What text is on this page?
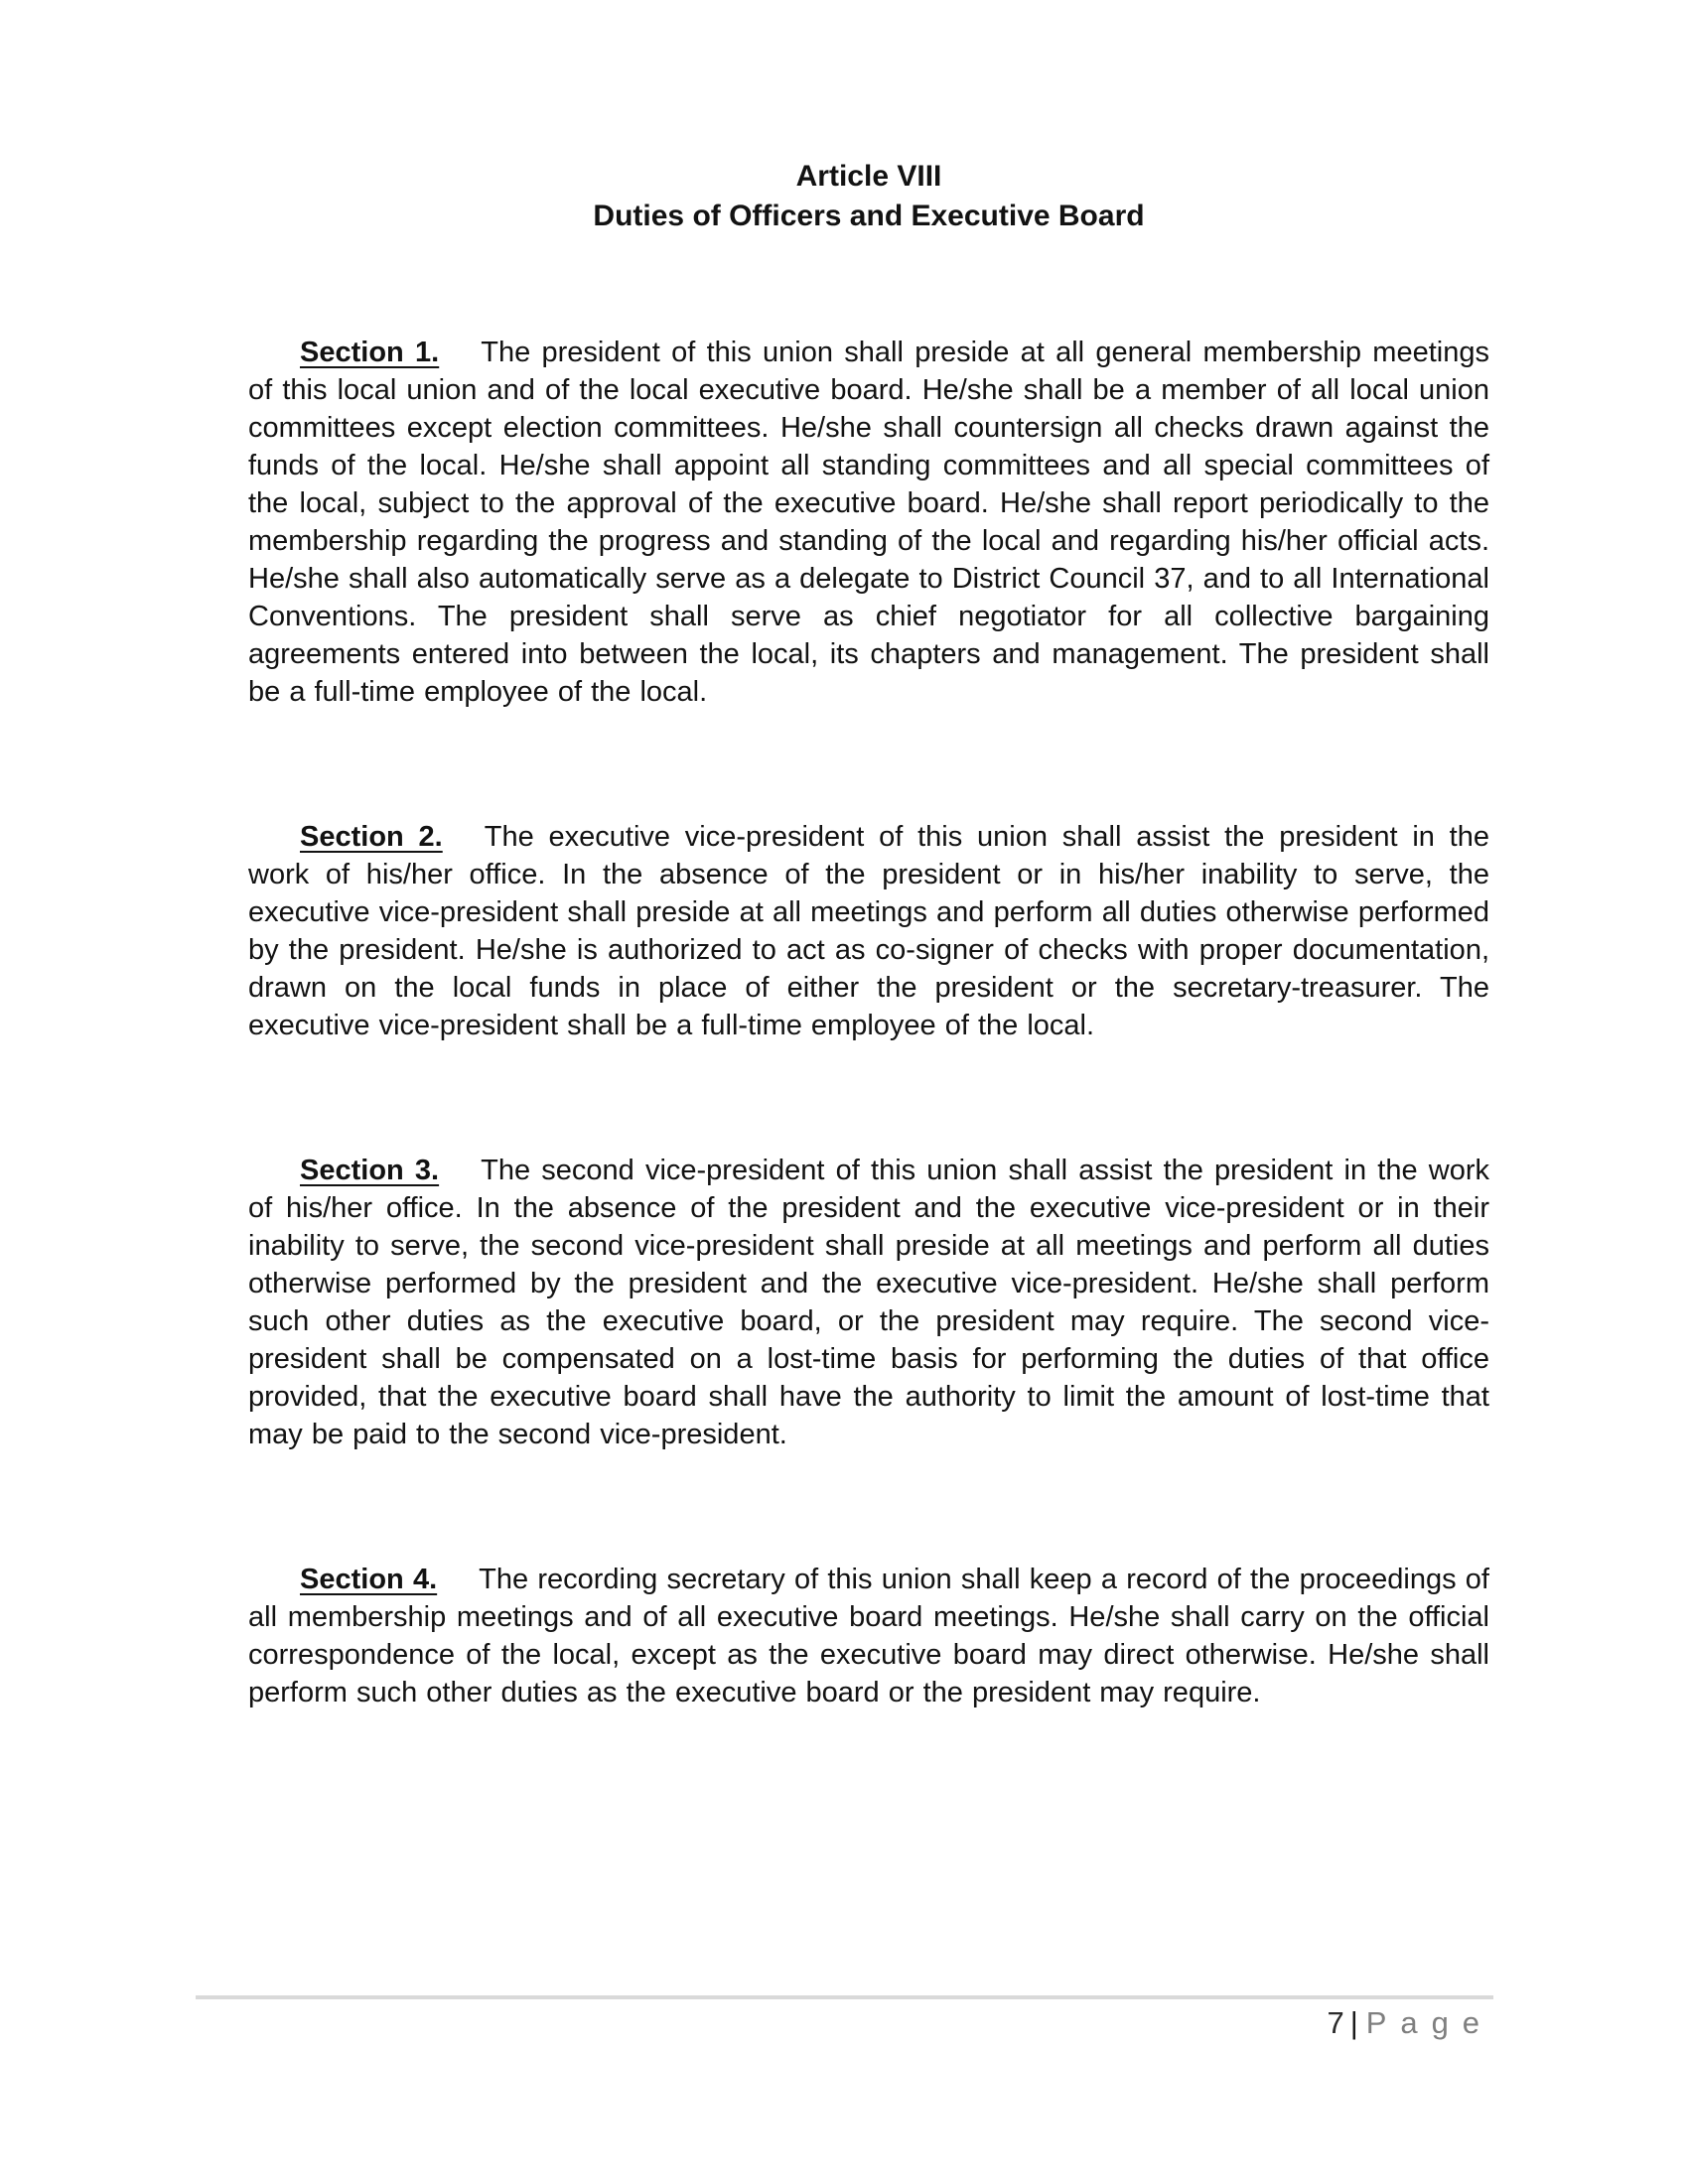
Article VIII
Duties of Officers and Executive Board

Section 1. The president of this union shall preside at all general membership meetings of this local union and of the local executive board. He/she shall be a member of all local union committees except election committees. He/she shall countersign all checks drawn against the funds of the local. He/she shall appoint all standing committees and all special committees of the local, subject to the approval of the executive board. He/she shall report periodically to the membership regarding the progress and standing of the local and regarding his/her official acts. He/she shall also automatically serve as a delegate to District Council 37, and to all International Conventions. The president shall serve as chief negotiator for all collective bargaining agreements entered into between the local, its chapters and management. The president shall be a full-time employee of the local.

Section 2. The executive vice-president of this union shall assist the president in the work of his/her office. In the absence of the president or in his/her inability to serve, the executive vice-president shall preside at all meetings and perform all duties otherwise performed by the president. He/she is authorized to act as co-signer of checks with proper documentation, drawn on the local funds in place of either the president or the secretary-treasurer. The executive vice-president shall be a full-time employee of the local.

Section 3. The second vice-president of this union shall assist the president in the work of his/her office. In the absence of the president and the executive vice-president or in their inability to serve, the second vice-president shall preside at all meetings and perform all duties otherwise performed by the president and the executive vice-president. He/she shall perform such other duties as the executive board, or the president may require. The second vice-president shall be compensated on a lost-time basis for performing the duties of that office provided, that the executive board shall have the authority to limit the amount of lost-time that may be paid to the second vice-president.

Section 4. The recording secretary of this union shall keep a record of the proceedings of all membership meetings and of all executive board meetings. He/she shall carry on the official correspondence of the local, except as the executive board may direct otherwise. He/she shall perform such other duties as the executive board or the president may require.

7 | Page
